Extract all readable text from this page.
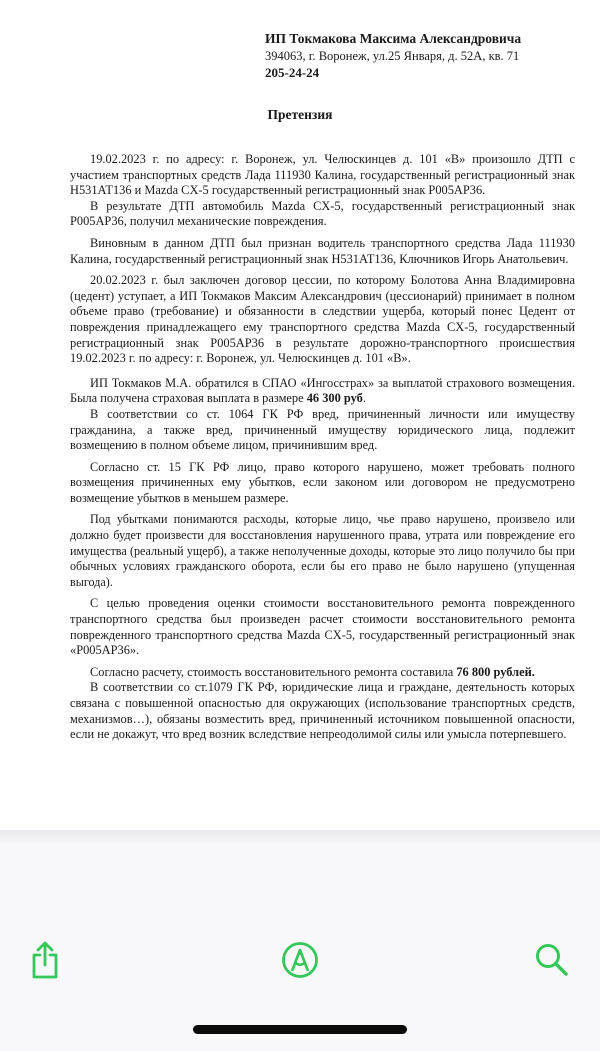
ИП Токмакова Максима Александровича
394063, г. Воронеж, ул.25 Января, д. 52А, кв. 71
205-24-24
Претензия

19.02.2023 г. по адресу: г. Воронеж, ул. Челюскинцев д. 101 «В» произошло ДТП с участием транспортных средств Лада 111930 Калина, государственный регистрационный знак Н531АТ136 и Mazda CX-5 государственный регистрационный знак Р005АР36.

В результате ДТП автомобиль Mazda CX-5, государственный регистрационный знак Р005АР36, получил механические повреждения.

Виновным в данном ДТП был признан водитель транспортного средства Лада 111930 Калина, государственный регистрационный знак Н531АТ136, Ключников Игорь Анатольевич.

20.02.2023 г. был заключен договор цессии, по которому Болотова Анна Владимировна (цедент) уступает, а ИП Токмаков Максим Александрович (цессионарий) принимает в полном объеме право (требование) и обязанности в следствии ущерба, который понес Цедент от повреждения принадлежащего ему транспортного средства Mazda CX-5, государственный регистрационный знак Р005АР36 в результате дорожно-транспортного происшествия 19.02.2023 г. по адресу: г. Воронеж, ул. Челюскинцев д. 101 «В».

ИП Токмаков М.А. обратился в СПАО «Ингосстрах» за выплатой страхового возмещения. Была получена страховая выплата в размере 46 300 руб.

В соответствии со ст. 1064 ГК РФ вред, причиненный личности или имуществу гражданина, а также вред, причиненный имуществу юридического лица, подлежит возмещению в полном объеме лицом, причинившим вред.

Согласно ст. 15 ГК РФ лицо, право которого нарушено, может требовать полного возмещения причиненных ему убытков, если законом или договором не предусмотрено возмещение убытков в меньшем размере.

Под убытками понимаются расходы, которые лицо, чье право нарушено, произвело или должно будет произвести для восстановления нарушенного права, утрата или повреждение его имущества (реальный ущерб), а также неполученные доходы, которые это лицо получило бы при обычных условиях гражданского оборота, если бы его право не было нарушено (упущенная выгода).

С целью проведения оценки стоимости восстановительного ремонта поврежденного транспортного средства был произведен расчет стоимости восстановительного ремонта поврежденного транспортного средства Mazda CX-5, государственный регистрационный знак «Р005АР36».

Согласно расчету, стоимость восстановительного ремонта составила 76 800 рублей.

В соответствии со ст.1079 ГК РФ, юридические лица и граждане, деятельность которых связана с повышенной опасностью для окружающих (использование транспортных средств, механизмов…), обязаны возместить вред, причиненный источником повышенной опасности, если не докажут, что вред возник вследствие непреодолимой силы или умысла потерпевшего.
